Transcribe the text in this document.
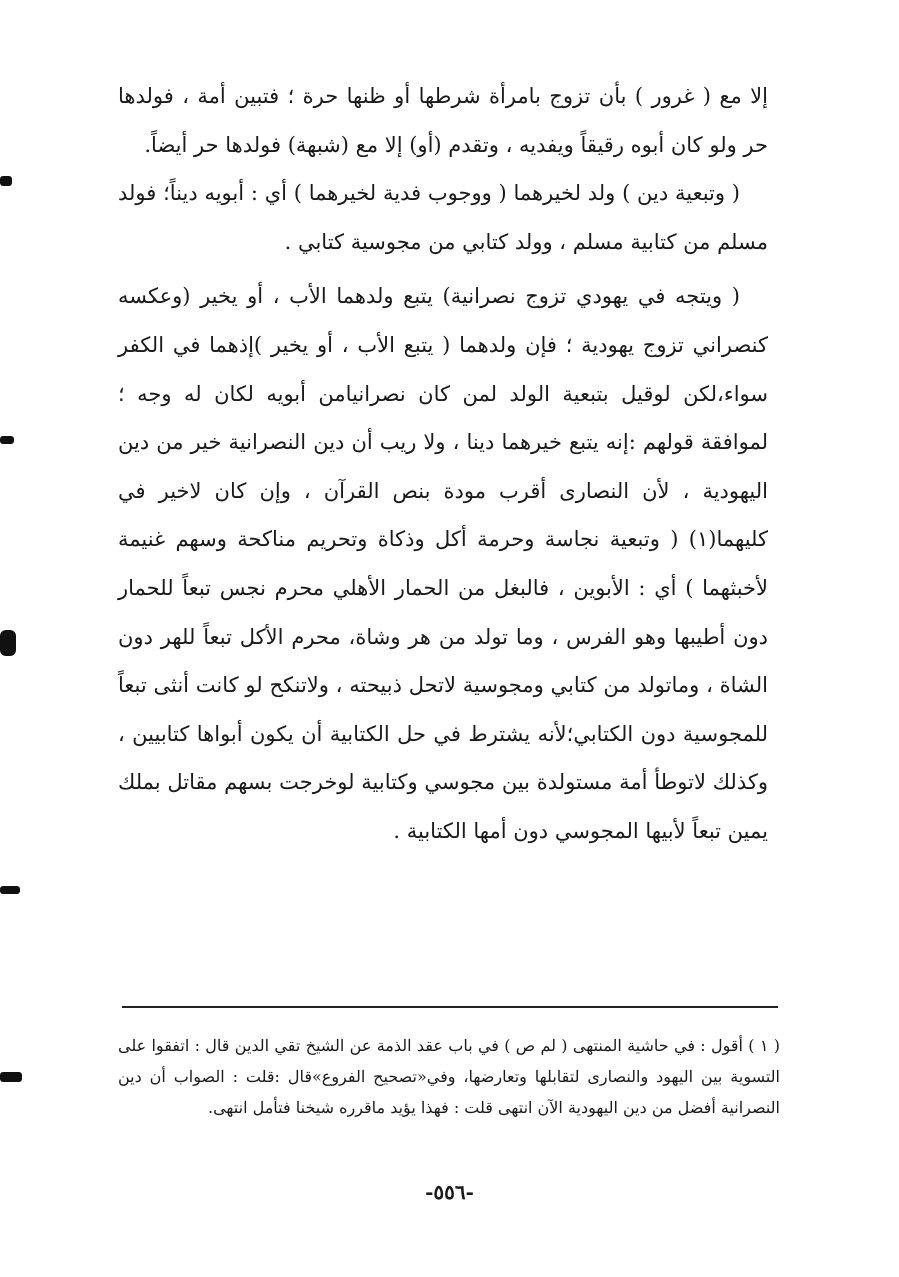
إلا مع ( غرور ) بأن تزوج بامرأة شرطها أو ظنها حرة ؛ فتبين أمة ، فولدها حر ولو كان أبوه رقيقاً ويفديه ، وتقدم (أو) إلا مع (شبهة) فولدها حر أيضاً.

( وتبعية دين ) ولد لخيرهما ( ووجوب فدية لخيرهما ) أي : أبويه ديناً؛ فولد مسلم من كتابية مسلم ، وولد كتابي من مجوسية كتابي .

( ويتجه في يهودي تزوج نصرانية) يتبع ولدهما الأب ، أو يخير (وعكسه كنصراني تزوج يهودية ؛ فإن ولدهما ( يتبع الأب ، أو يخير )إذهما في الكفر سواء،لكن لوقيل بتبعية الولد لمن كان نصرانيامن أبويه لكان له وجه ؛ لموافقة قولهم :إنه يتبع خيرهما دينا ، ولا ريب أن دين النصرانية خير من دين اليهودية ، لأن النصارى أقرب مودة بنص القرآن ، وإن كان لاخير في كليهما(١) ( وتبعية نجاسة وحرمة أكل وذكاة وتحريم مناكحة وسهم غنيمة لأخبثهما ) أي : الأبوين ، فالبغل من الحمار الأهلي محرم نجس تبعاً للحمار دون أطيبها وهو الفرس ، وما تولد من هر وشاة، محرم الأكل تبعاً للهر دون الشاة ، وماتولد من كتابي ومجوسية لاتحل ذبيحته ، ولاتنكح لو كانت أنثى تبعاً للمجوسية دون الكتابي؛لأنه يشترط في حل الكتابية أن يكون أبواها كتابيين ، وكذلك لاتوطأ أمة مستولدة بين مجوسي وكتابية لوخرجت بسهم مقاتل بملك يمين تبعاً لأبيها المجوسي دون أمها الكتابية .

( ١ ) أقول : في حاشية المنتهى ( لم ص ) في باب عقد الذمة عن الشيخ تقي الدين قال : اتفقوا على التسوية بين اليهود والنصارى لتقابلها وتعارضها، وفي«تصحيح الفروع»قال :قلت : الصواب أن دين النصرانية أفضل من دين اليهودية الآن انتهى قلت : فهذا يؤيد ماقرره شيخنا فتأمل انتهى.

-٥٥٦-
